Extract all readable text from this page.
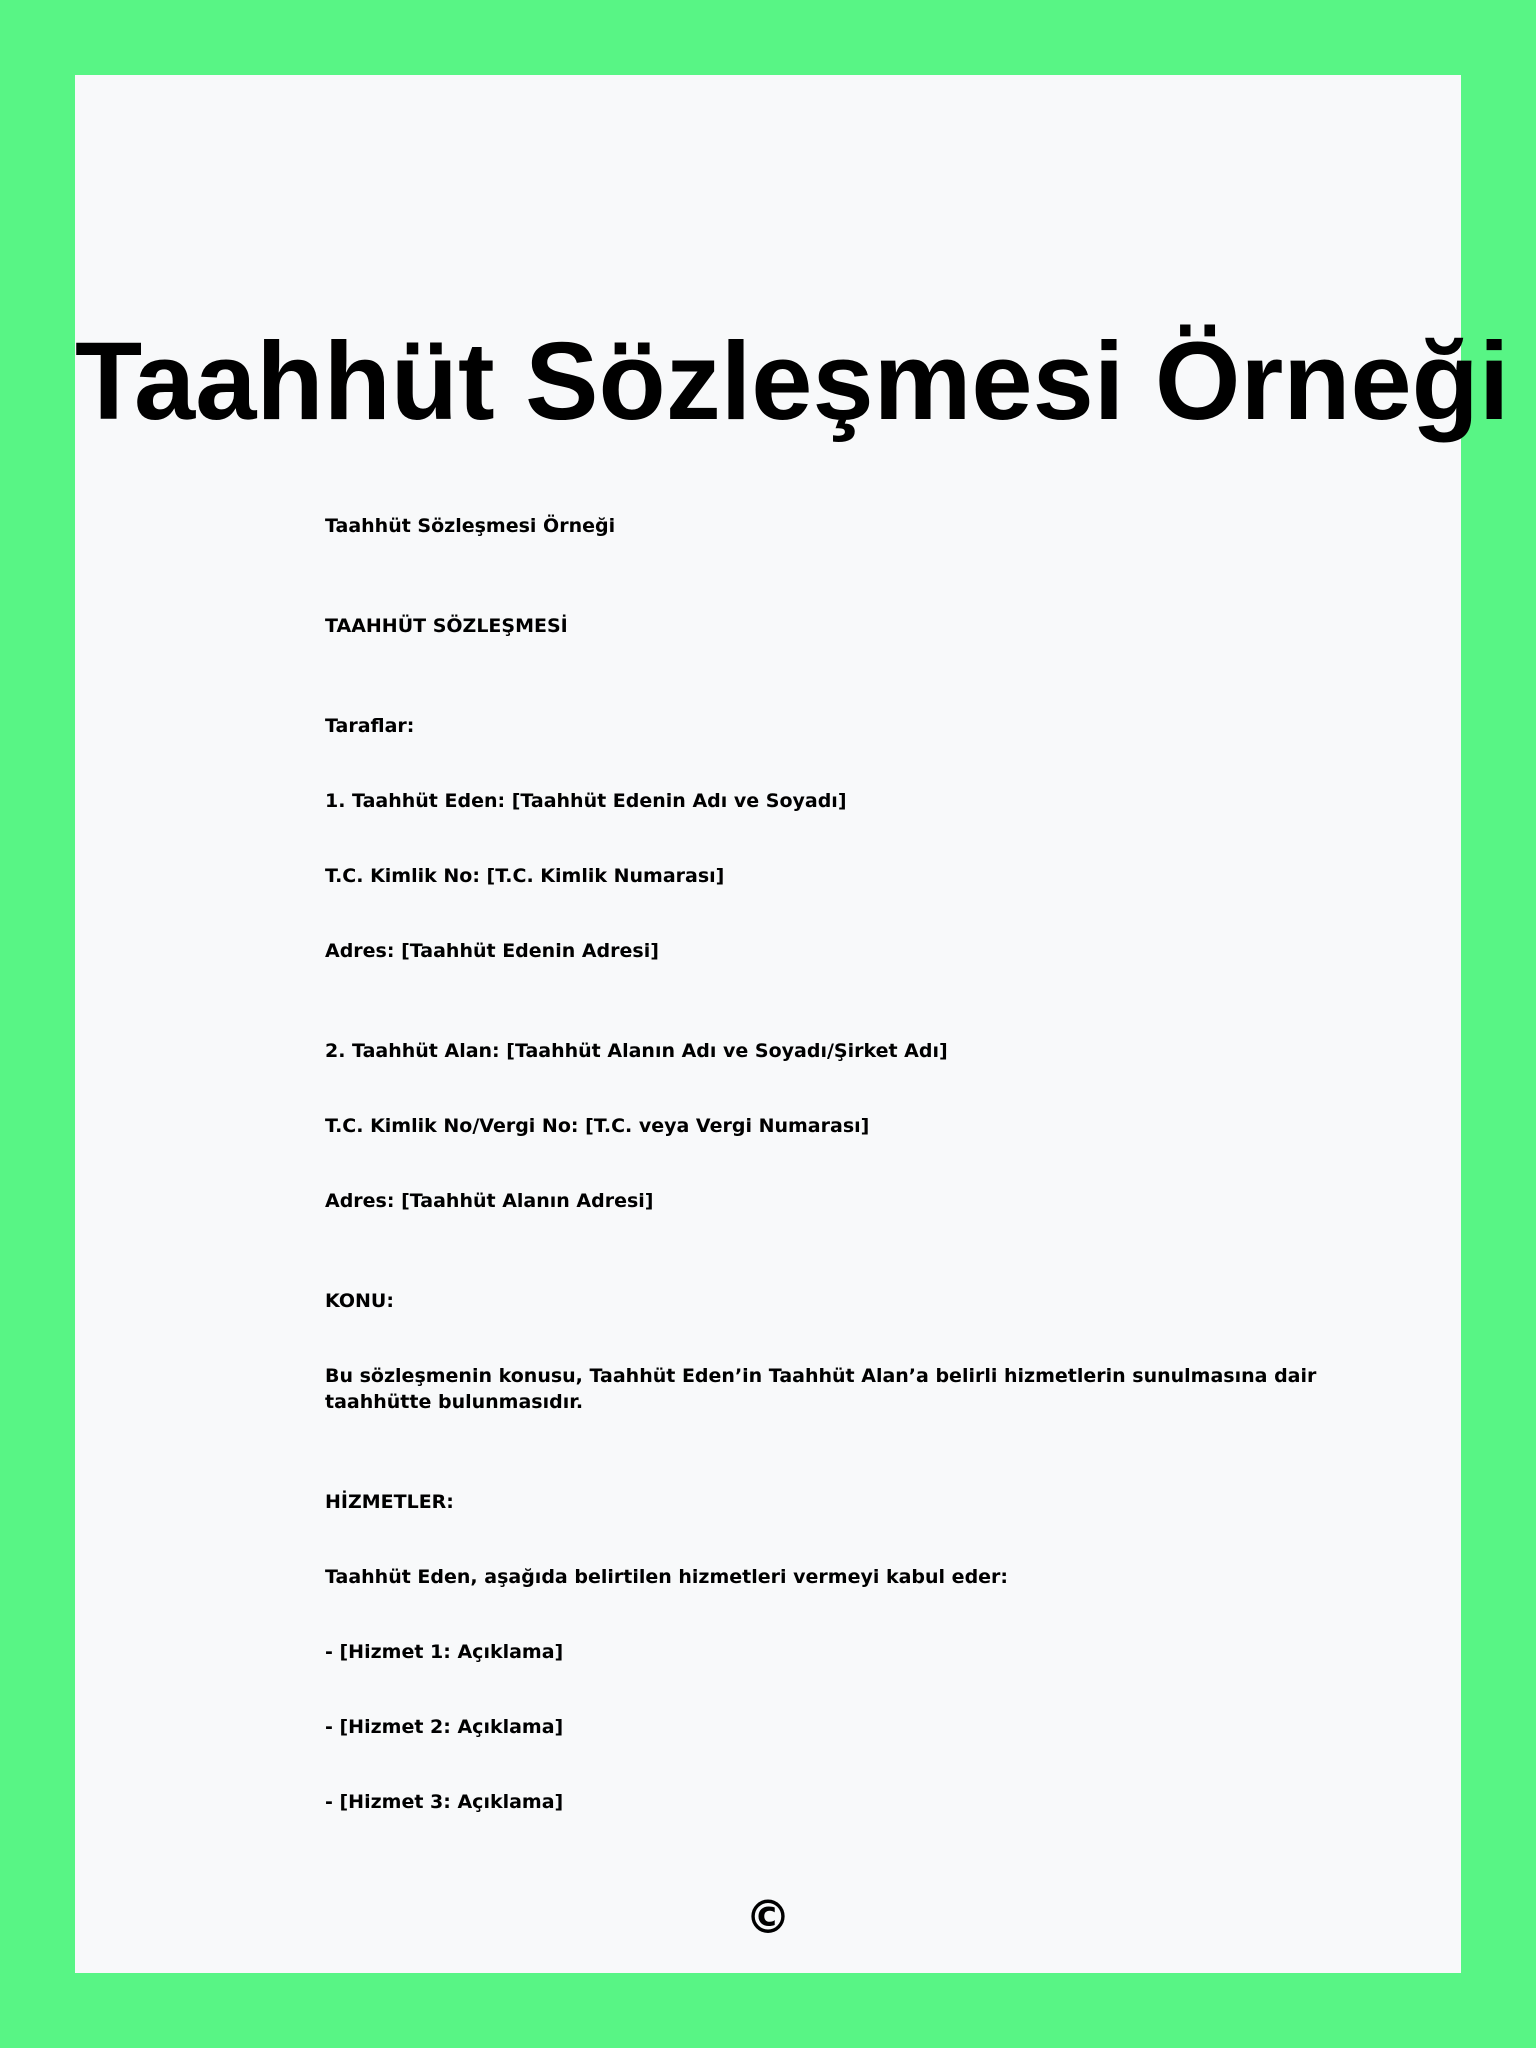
Taahhüt Sözleşmesi Örneği

Taahhüt Sözleşmesi Örneği

TAAHHÜT SÖZLEŞMESİ

Taraflar:

1. Taahhüt Eden: [Taahhüt Edenin Adı ve Soyadı]

T.C. Kimlik No: [T.C. Kimlik Numarası]

Adres: [Taahhüt Edenin Adresi]

2. Taahhüt Alan: [Taahhüt Alanın Adı ve Soyadı/Şirket Adı]

T.C. Kimlik No/Vergi No: [T.C. veya Vergi Numarası]

Adres: [Taahhüt Alanın Adresi]

KONU:

Bu sözleşmenin konusu, Taahhüt Eden’in Taahhüt Alan’a belirli hizmetlerin sunulmasına dair taahhütte bulunmasıdır.

HİZMETLER:

Taahhüt Eden, aşağıda belirtilen hizmetleri vermeyi kabul eder:

- [Hizmet 1: Açıklama]

- [Hizmet 2: Açıklama]

- [Hizmet 3: Açıklama]

©
